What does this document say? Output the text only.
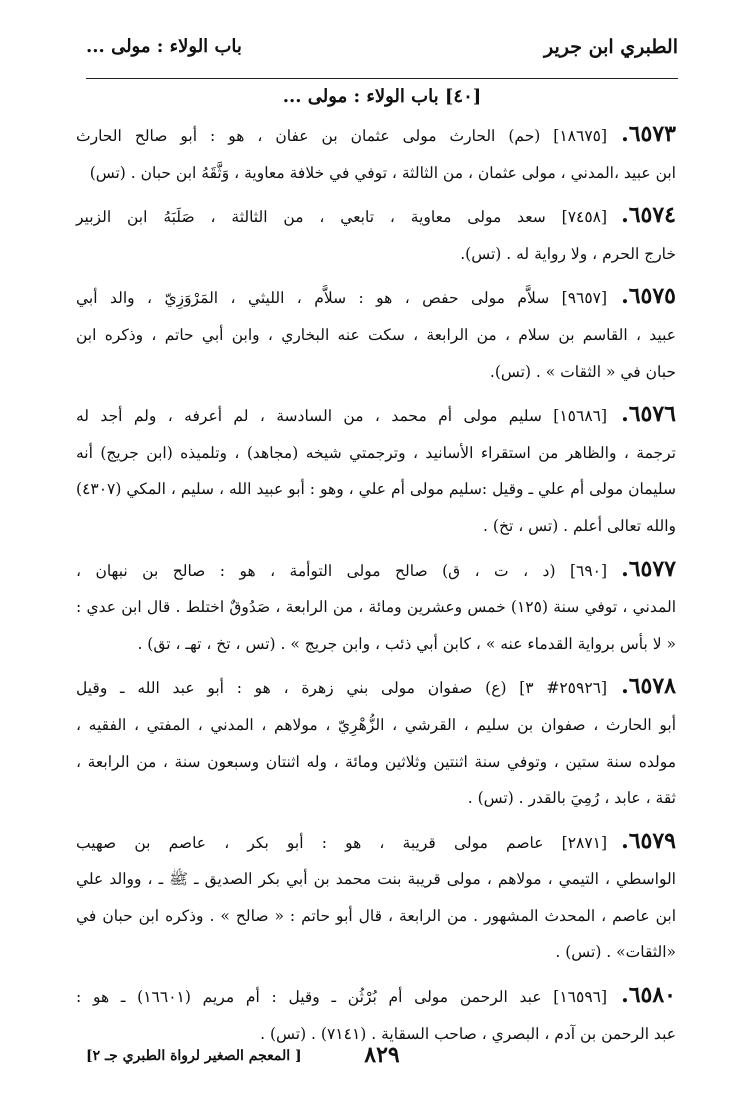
الطبري ابن جرير
باب الولاء : مولى ...
[٤٠] باب الولاء : مولى ...
٦٥٧٣.[١٨٦٧٥] (حم) الحارث مولى عثمان بن عفان ، هو : أبو صالح الحارث
ابن عبيد ،المدني ، مولى عثمان ، من الثالثة ، توفي في خلافة معاوية ، وَثَّقَهُ ابن حبان . (تس)
٦٥٧٤.[٧٤٥٨] سعد مولى معاوية ، تابعي ، من الثالثة ، صَلَبَهُ ابن الزبير
خارج الحرم ، ولا رواية له . (تس).
٦٥٧٥.[٩٦٥٧] سلاَّم مولى حفص ، هو : سلاَّم ، الليثي ، المَرْوَزِيّ ، والد أبي
عبيد ، القاسم بن سلام ، من الرابعة ، سكت عنه البخاري ، وابن أبي حاتم ، وذكره ابن
حبان في « الثقات » . (تس).
٦٥٧٦.[١٥٦٨٦] سليم مولى أم محمد ، من السادسة ، لم أعرفه ، ولم أجد له
ترجمة ، والظاهر من استقراء الأسانيد ، وترجمتي شيخه (مجاهد) ، وتلميذه (ابن جريج) أنه
سليمان مولى أم علي ـ وقيل :سليم مولى أم علي ، وهو : أبو عبيد الله ، سليم ، المكي (٤٣٠٧)
والله تعالى أعلم . (تس ، تخ) .
٦٥٧٧.[٦٩٠] (د ، ت ، ق) صالح مولى التوأمة ، هو : صالح بن نبهان ،
المدني ، توفي سنة (١٢٥) خمس وعشرين ومائة ، من الرابعة ، صَدُوقٌ اختلط . قال ابن عدي :
« لا بأس برواية القدماء عنه » ، كابن أبي ذئب ، وابن جريج » . (تس ، تخ ، تهـ ، تق) .
٦٥٧٨.[٢٥٩٢٦# ٣] (ع) صفوان مولى بني زهرة ، هو : أبو عبد الله ـ وقيل
أبو الحارث ، صفوان بن سليم ، القرشي ، الزُّهْرِيّ ، مولاهم ، المدني ، المفتي ، الفقيه ،
مولده سنة ستين ، وتوفي سنة اثنتين وثلاثين ومائة ، وله اثنتان وسبعون سنة ، من الرابعة ،
ثقة ، عابد ، رُمِيَ بالقدر . (تس) .
٦٥٧٩.[٢٨٧١] عاصم مولى قريبة ، هو : أبو بكر ، عاصم بن صهيب
الواسطي ، التيمي ، مولاهم ، مولى قريبة بنت محمد بن أبي بكر الصديق ـ ﷺ ـ ، ووالد علي
ابن عاصم ، المحدث المشهور . من الرابعة ، قال أبو حاتم : « صالح » . وذكره ابن حبان في
«الثقات» . (تس) .
٦٥٨٠.[١٦٥٩٦] عبد الرحمن مولى أم بُرْثُن ـ وقيل : أم مريم (١٦٦٠١) ـ هو :
عبد الرحمن بن آدم ، البصري ، صاحب السقاية . (٧١٤١) . (تس) .
٨٢٩
[ المعجم الصغير لرواة الطبري جـ ٢]
